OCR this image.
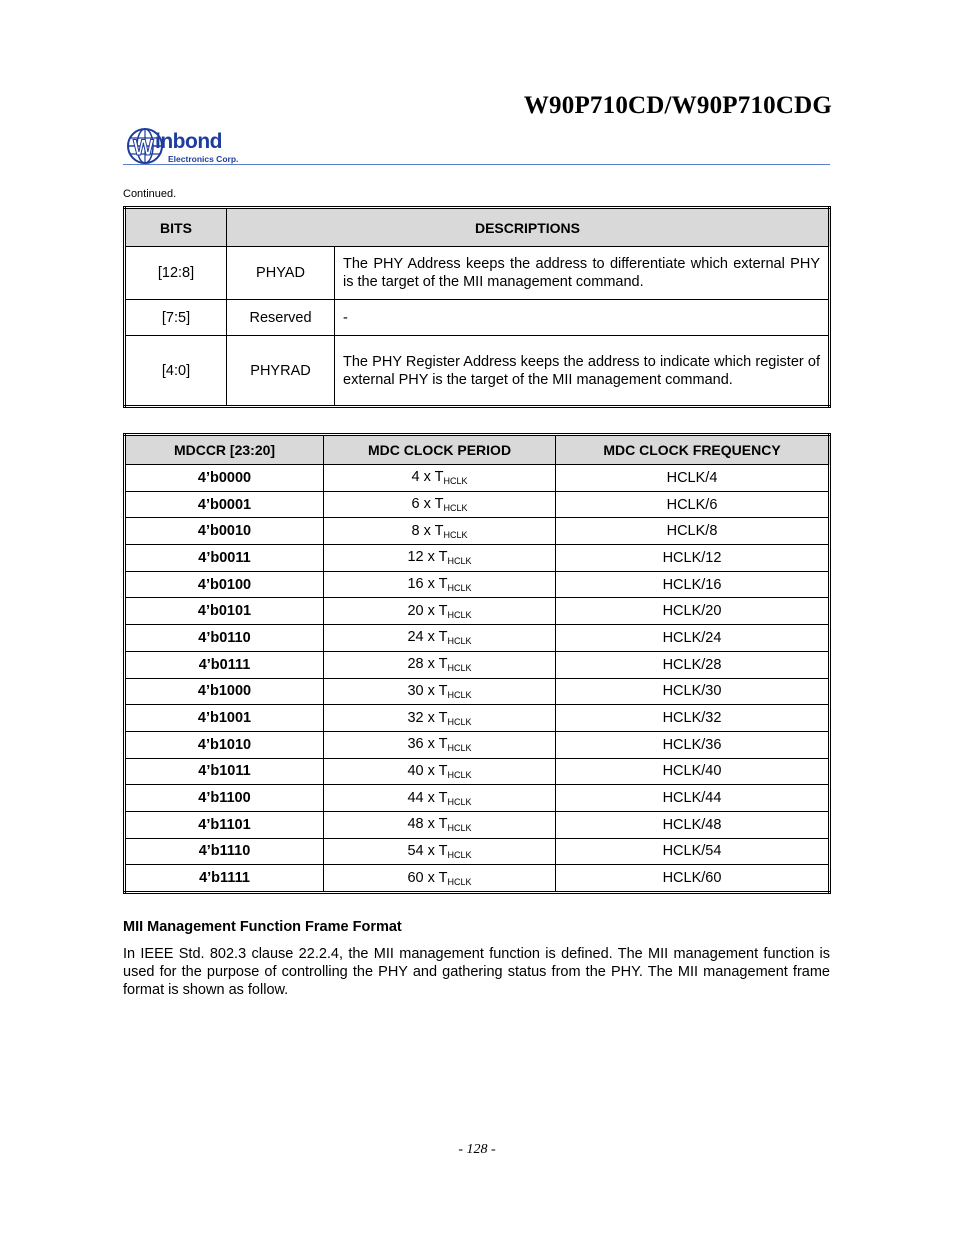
W90P710CD/W90P710CDG
W inbond
Electronics Corp.
Continued.
BITS	DESCRIPTIONS	
[12:8]	PHYAD	The PHY Address keeps the address to differentiate which external PHY is the target of the MII management command.
[7:5]	Reserved	-
[4:0]	PHYRAD	The PHY Register Address keeps the address to indicate which register of external PHY is the target of the MII management command.
MDCCR [23:20]	MDC CLOCK PERIOD	MDC CLOCK FREQUENCY
4’b0000	4 x $T_{HCLK}$	HCLK/4
4’b0001	6 x $T_{HCLK}$	HCLK/6
4’b0010	8 x $T_{HCLK}$	HCLK/8
4’b0011	12 x $T_{HCLK}$	HCLK/12
4’b0100	16 x $T_{HCLK}$	HCLK/16
4’b0101	20 x $T_{HCLK}$	HCLK/20
4’b0110	24 x $T_{HCLK}$	HCLK/24
4’b0111	28 x $T_{HCLK}$	HCLK/28
4’b1000	30 x $T_{HCLK}$	HCLK/30
4’b1001	32 x $T_{HCLK}$	HCLK/32
4’b1010	36 x $T_{HCLK}$	HCLK/36
4’b1011	40 x $T_{HCLK}$	HCLK/40
4’b1100	44 x $T_{HCLK}$	HCLK/44
4’b1101	48 x $T_{HCLK}$	HCLK/48
4’b1110	54 x $T_{HCLK}$	HCLK/54
4’b1111	60 x $T_{HCLK}$	HCLK/60
MII Management Function Frame Format

In IEEE Std. 802.3 clause 22.2.4, the MII management function is defined. The MII management function is used for the purpose of controlling the PHY and gathering status from the PHY. The MII management frame format is shown as follow.

- 128 -
